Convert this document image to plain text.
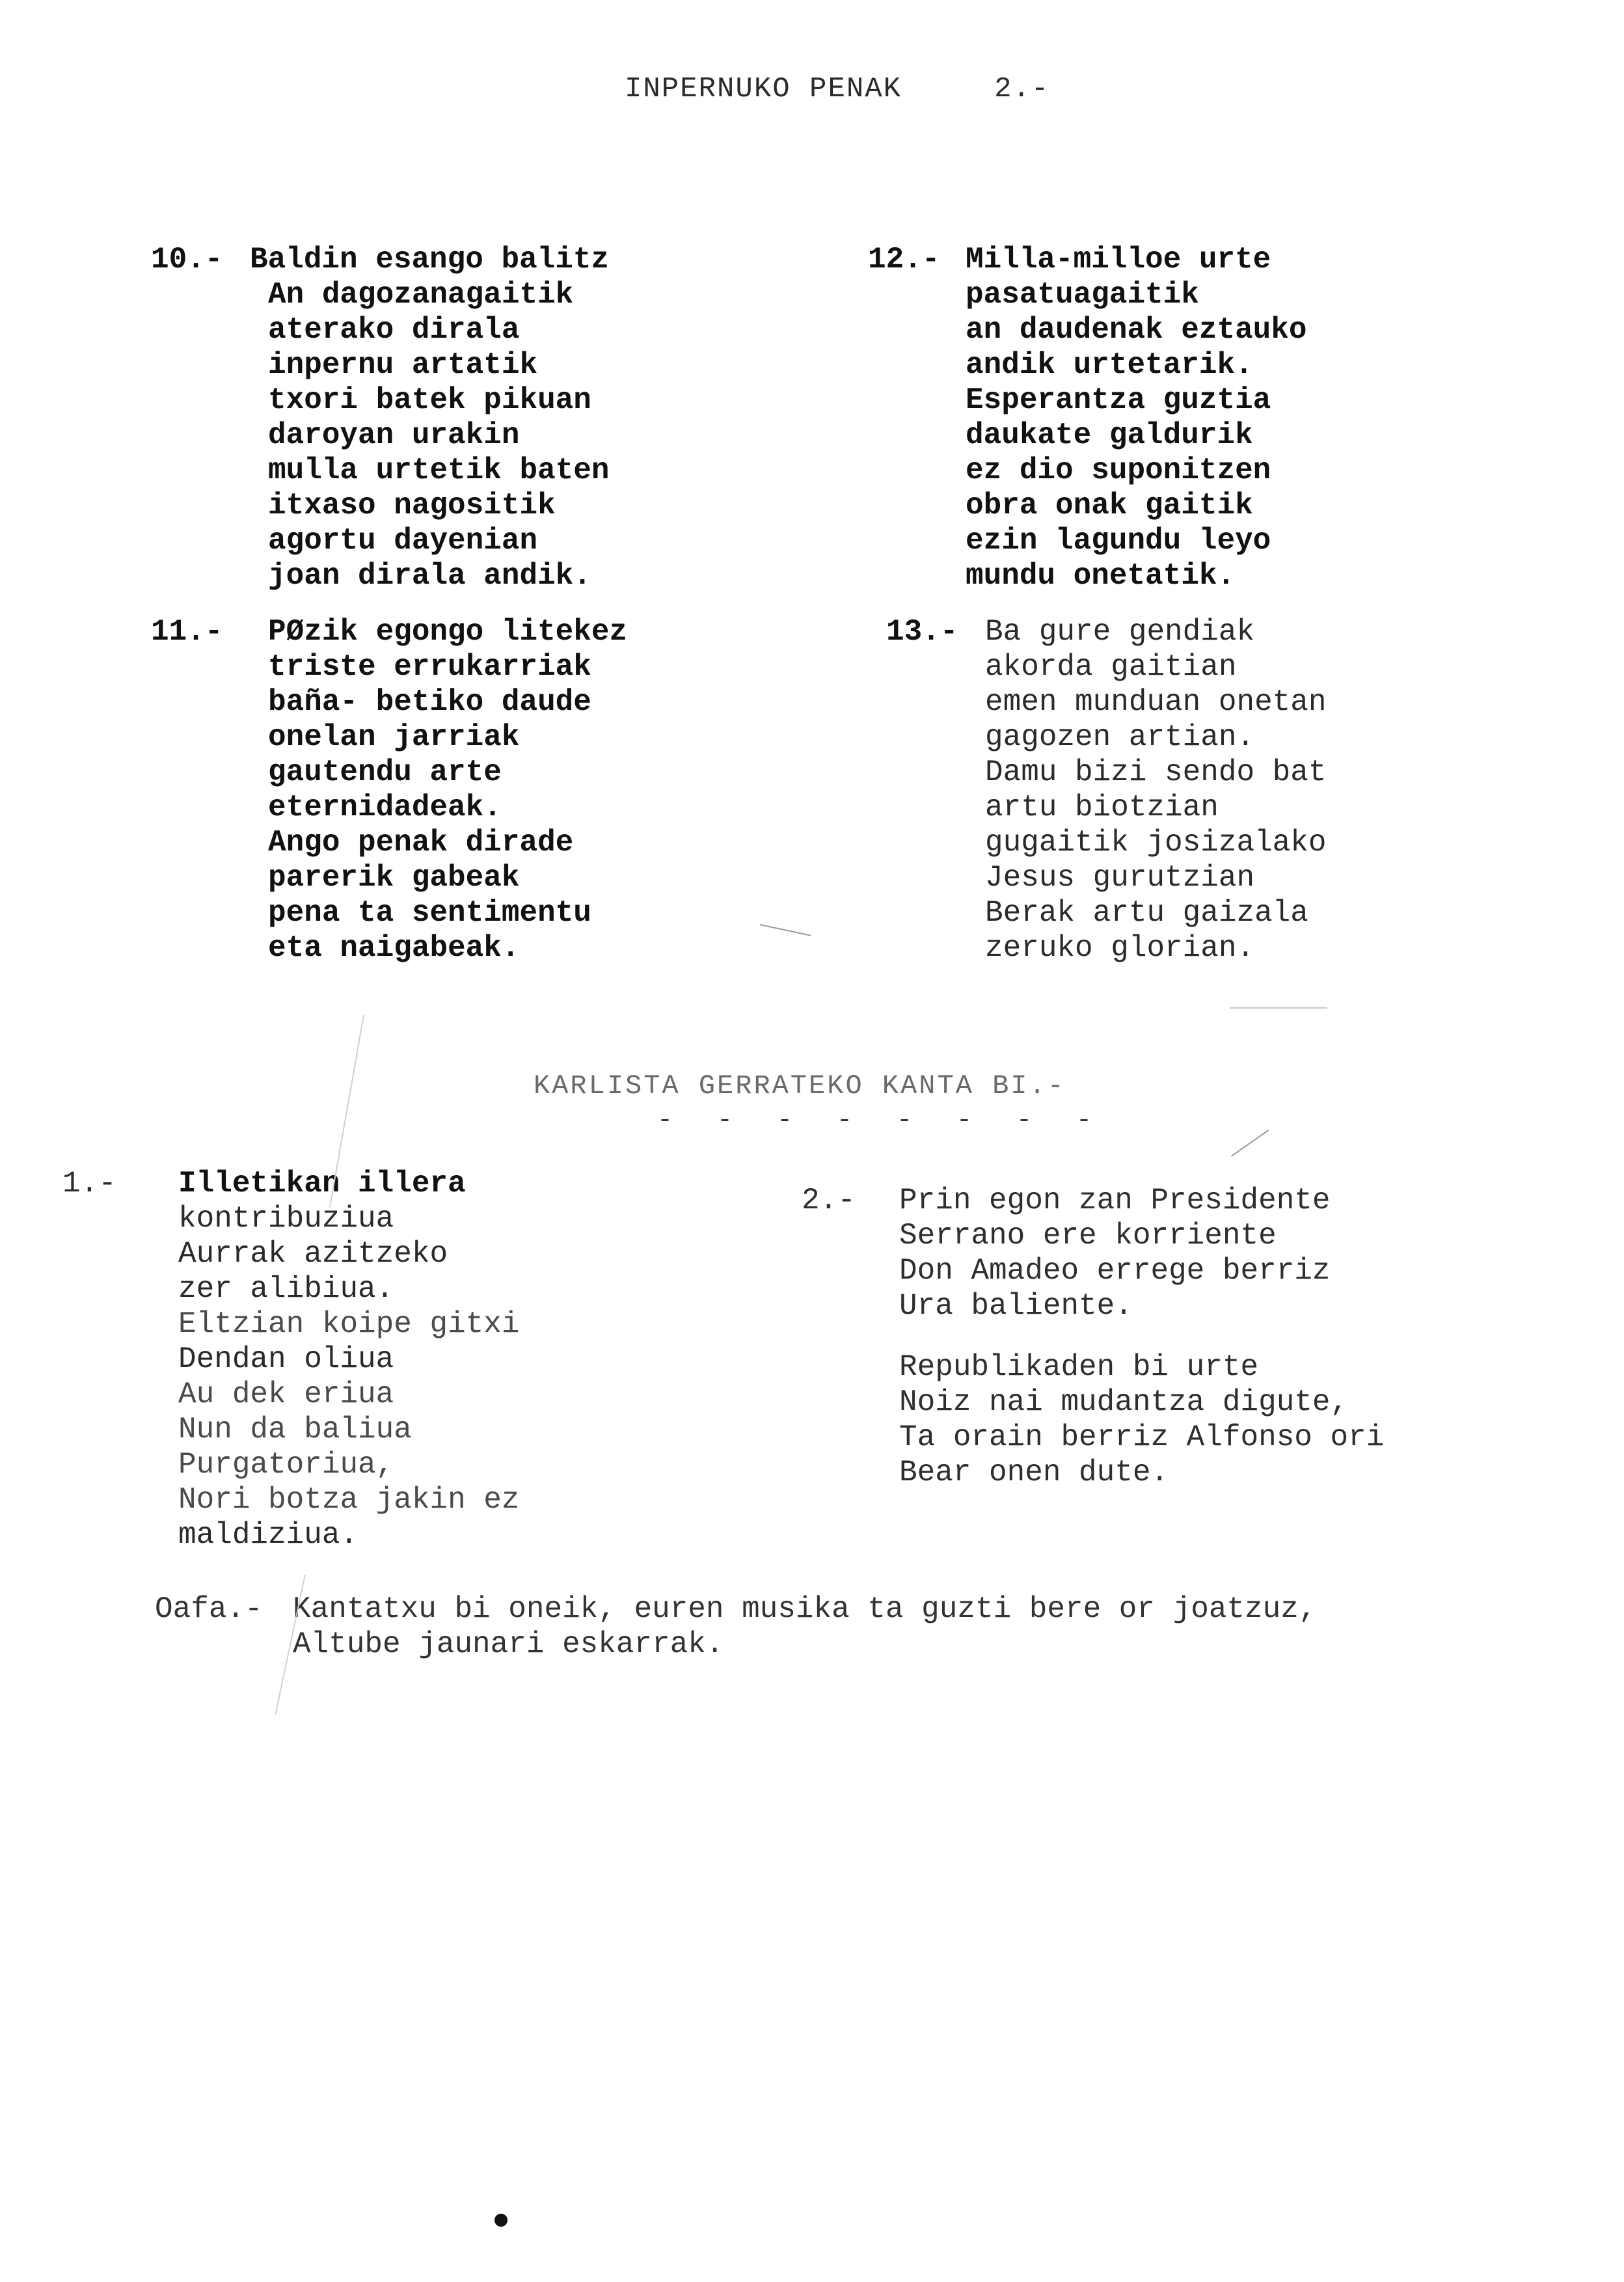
INPERNUKO PENAK	2.-
10.- Baldin esango balitz
An dagozanagaitik
aterako dirala
inpernu artatik
txori batek pikuan
daroyan urakin
mulla urtetik baten
itxaso nagositik
agortu dayenian
joan dirala andik.
11.- PØzik egongo litekez
triste errukarriak
baña- betiko daude
onelan jarriak
gautendu arte
eternidadeak.
Ango penak dirade
parerik gabeak
pena ta sentimentu
eta naigabeak.
12.- Milla-milloe urte
pasatuagaitik
an daudenak eztauko
andik urtetarik.
Esperantza guztia
daukate galdurik
ez dio suponitzen
obra onak gaitik
ezin lagundu leyo
mundu onetatik.
13.- Ba gure gendiak
akorda gaitian
emen munduan onetan
gagozen artian.
Damu bizi sendo bat
artu biotzian
gugaitik josizalako
Jesus gurutzian
Berak artu gaizala
zeruko glorian.
KARLISTA GERRATEKO KANTA BI.-
- - - - - - - -
1.- Illetikan illera
kontribuziua
Aurrak azitzeko
zer alibiua.
Eltzian koipe gitxi
Dendan oliua
Au dek eriua
Nun da baliua
Purgatoriua,
Nori botza jakin ez
maldiziua.
2.- Prin egon zan Presidente
Serrano ere korriente
Don Amadeo errege berriz
Ura baliente.
Republikaden bi urte
Noiz nai mudantza digute,
Ta orain berriz Alfonso ori
Bear onen dute.
Oafa.- Kantatxu bi oneik, euren musika ta guzti bere or joatzuz,
Altube jaunari eskarrak.
